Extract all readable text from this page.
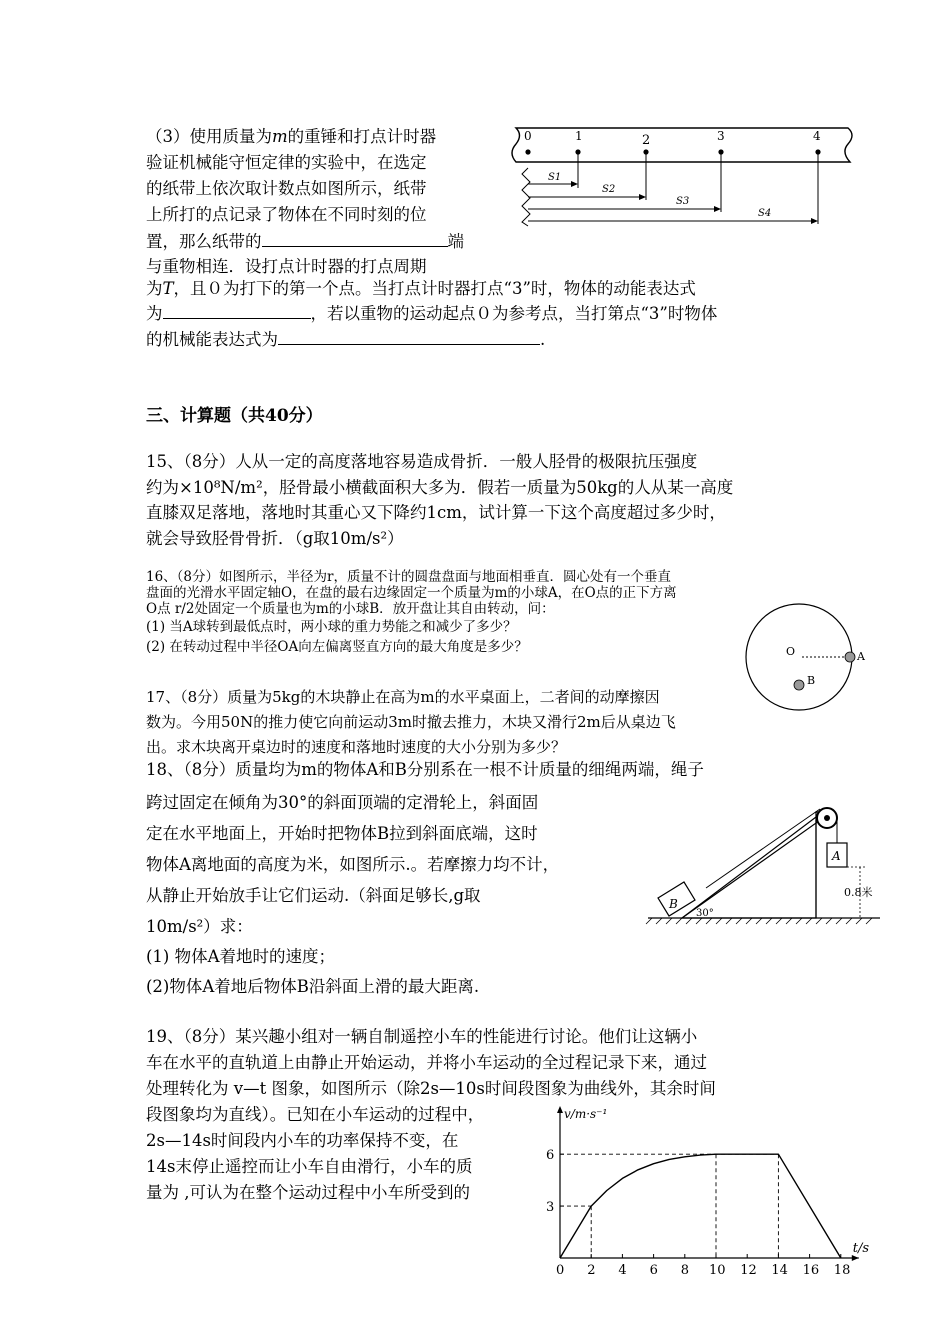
（3）使用质量为m的重锤和打点计时器
验证机械能守恒定律的实验中，在选定
的纸带上依次取计数点如图所示，纸带
上所打的点记录了物体在不同时刻的位
置，那么纸带的	端
与重物相连．设打点计时器的打点周期
为T，且０为打下的第一个点。当打点计时器打点“3”时，物体的动能表达式
为	，若以重物的运动起点０为参考点，当打第点“3”时物体
的机械能表达式为	.
0	1	2	3	4
S1
S2
S3
S4
三、计算题（共40分）
15、（8分）人从一定的高度落地容易造成骨折．一般人胫骨的极限抗压强度
约为×10⁸N/m²，胫骨最小横截面积大多为．假若一质量为50kg的人从某一高度
直膝双足落地，落地时其重心又下降约1cm，试计算一下这个高度超过多少时，
就会导致胫骨骨折．（g取10m/s²）
16、（8分）如图所示，半径为r，质量不计的圆盘盘面与地面相垂直．圆心处有一个垂直
盘面的光滑水平固定轴O，在盘的最右边缘固定一个质量为m的小球A，在O点的正下方离
O点 r/2处固定一个质量也为m的小球B．放开盘让其自由转动，问：
(1) 当A球转到最低点时，两小球的重力势能之和减少了多少？
(2) 在转动过程中半径OA向左偏离竖直方向的最大角度是多少？	O	A
B
17、（8分）质量为5kg的木块静止在高为m的水平桌面上，二者间的动摩擦因
数为。今用50N的推力使它向前运动3m时撤去推力，木块又滑行2m后从桌边飞
出。求木块离开桌边时的速度和落地时速度的大小分别为多少？
18、（8分）质量均为m的物体A和B分别系在一根不计质量的细绳两端，绳子
跨过固定在倾角为30°的斜面顶端的定滑轮上，斜面固
定在水平地面上，开始时把物体B拉到斜面底端，这时
物体A离地面的高度为米，如图所示.。若摩擦力均不计，
从静止开始放手让它们运动.（斜面足够长,g取
10m/s²）求：
(1) 物体A着地时的速度；
(2)物体A着地后物体B沿斜面上滑的最大距离.
A
B
30°
0.8米
19、（8分）某兴趣小组对一辆自制遥控小车的性能进行讨论。他们让这辆小
车在水平的直轨道上由静止开始运动，并将小车运动的全过程记录下来，通过
处理转化为 v—t 图象，如图所示（除2s—10s时间段图象为曲线外，其余时间
段图象均为直线）。已知在小车运动的过程中，
2s—14s时间段内小车的功率保持不变，在
14s末停止遥控而让小车自由滑行，小车的质
量为 ,可认为在整个运动过程中小车所受到的
0 2 4 6 8 10 12 14 16 18
3
6
v/m·s⁻¹
t/s
